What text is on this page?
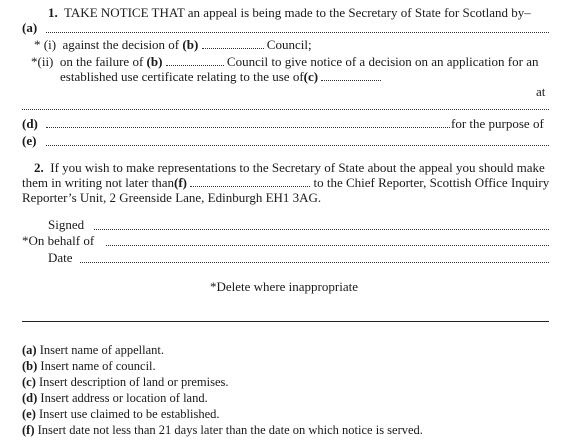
1. TAKE NOTICE THAT an appeal is being made to the Secretary of State for Scotland by–
(a)
* (i) against the decision of (b)	Council;
*(ii) on the failure of (b)	Council to give notice of a decision on an application for an
established use certificate relating to the use of(c)
at
(d)	for the purpose of
(e)
2. If you wish to make representations to the Secretary of State about the appeal you should make
them in writing not later than(f)	to the Chief Reporter, Scottish Office Inquiry
Reporter’s Unit, 2 Greenside Lane, Edinburgh EH1 3AG.
Signed
*On behalf of
Date
*Delete where inappropriate
(a) Insert name of appellant.
(b) Insert name of council.
(c) Insert description of land or premises.
(d) Insert address or location of land.
(e) Insert use claimed to be established.
(f) Insert date not less than 21 days later than the date on which notice is served.
